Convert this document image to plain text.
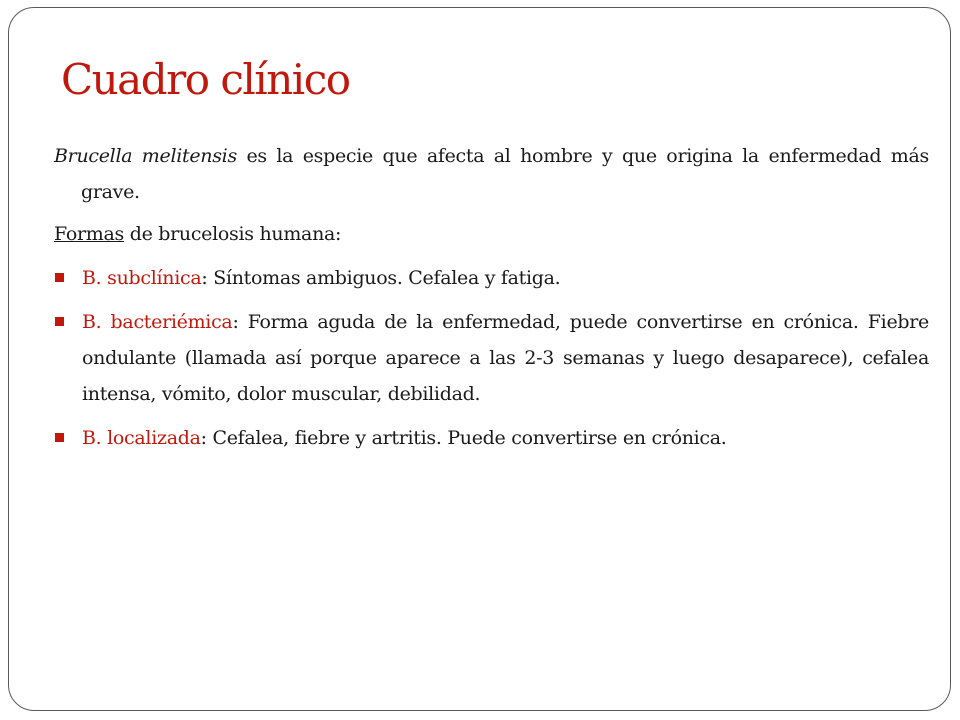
Cuadro clínico

Brucella melitensis es la especie que afecta al hombre y que origina la enfermedad más grave.

Formas de brucelosis humana:

B. subclínica: Síntomas ambiguos. Cefalea y fatiga.
B. bacteriémica: Forma aguda de la enfermedad, puede convertirse en crónica. Fiebre ondulante (llamada así porque aparece a las 2-3 semanas y luego desaparece), cefalea intensa, vómito, dolor muscular, debilidad.
B. localizada: Cefalea, fiebre y artritis. Puede convertirse en crónica.
